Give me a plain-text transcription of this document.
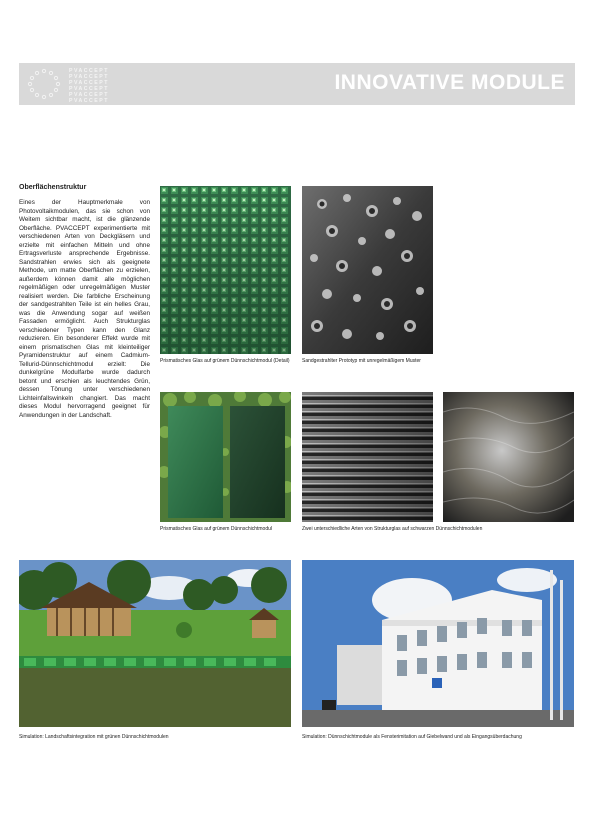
PVACCEPT
PVACCEPT
PVACCEPT
PVACCEPT
PVACCEPT
PVACCEPT
INNOVATIVE MODULE
Oberflächenstruktur
Eines der Hauptmerkmale von Photovoltaikmodulen, das sie schon von Weitem sichtbar macht, ist die glänzende Oberfläche. PVACCEPT experimentierte mit verschiedenen Arten von Deckgläsern und erzielte mit einfachen Mitteln und ohne Ertragsverluste ansprechende Ergebnisse. Sandstrahlen erwies sich als geeignete Methode, um matte Oberflächen zu erzielen, außerdem können damit alle möglichen regelmäßigen oder unregelmäßigen Muster realisiert werden. Die farbliche Erscheinung der sandgestrahlten Teile ist ein helles Grau, was die Anwendung sogar auf weißen Fassaden ermöglicht. Auch Strukturglas verschiedener Typen kann den Glanz reduzieren. Ein besonderer Effekt wurde mit einem prismatischen Glas mit kleinteiliger Pyramidenstruktur auf einem Cadmium-Tellurid-Dünnschichtmodul erzielt: Die dunkelgrüne Modulfarbe wurde dadurch betont und erschien als leuchtendes Grün, dessen Tönung unter verschiedenen Lichteinfallswinkeln changiert. Das macht dieses Modul hervorragend geeignet für Anwendungen in der Landschaft.
Prismatisches Glas auf grünem Dünnschichtmodul (Detail)	Sandgestrahlter Prototyp mit unregelmäßigem Muster
Prismatisches Glas auf grünem Dünnschichtmodul	Zwei unterschiedliche Arten von Strukturglas auf schwarzen Dünnschichtmodulen
Simulation: Landschaftsintegration mit grünen Dünnschichtmodulen	Simulation: Dünnschichtmodule als Fensterimitation auf Giebelwand und als Eingangsüberdachung
